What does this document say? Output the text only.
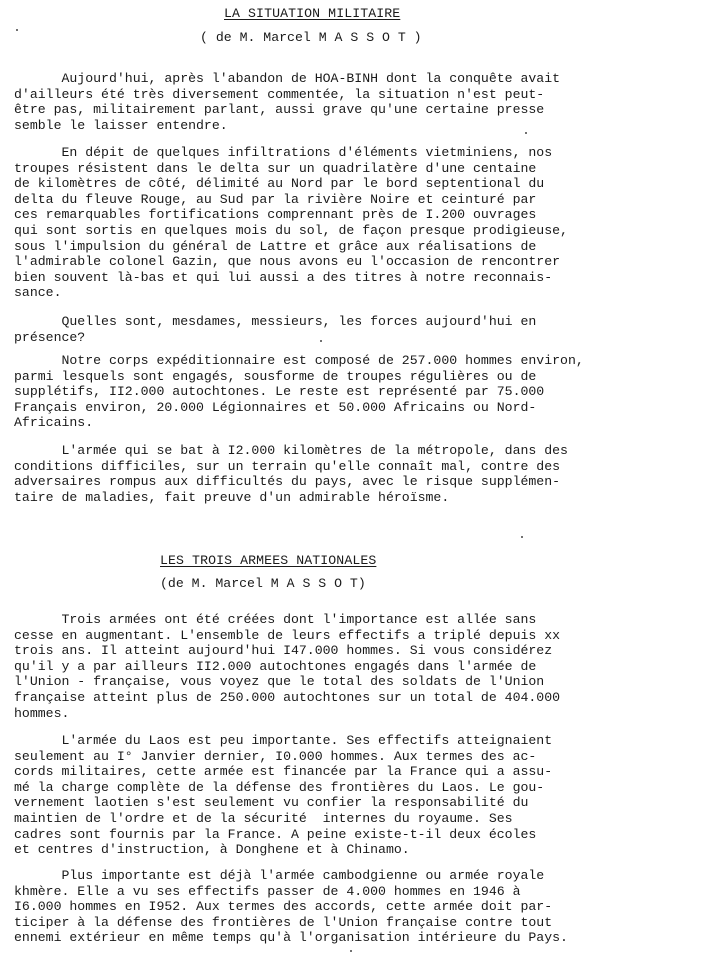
LA SITUATION MILITAIRE
( de M. Marcel M A S S O T )
Aujourd'hui, après l'abandon de HOA-BINH dont la conquête avait
d'ailleurs été très diversement commentée, la situation n'est peut-
être pas, militairement parlant, aussi grave qu'une certaine presse
semble le laisser entendre.
En dépit de quelques infiltrations d'éléments vietminiens, nos
troupes résistent dans le delta sur un quadrilatère d'une centaine
de kilomètres de côté, délimité au Nord par le bord septentional du
delta du fleuve Rouge, au Sud par la rivière Noire et ceinturé par
ces remarquables fortifications comprennant près de I.200 ouvrages
qui sont sortis en quelques mois du sol, de façon presque prodigieuse,
sous l'impulsion du général de Lattre et grâce aux réalisations de
l'admirable colonel Gazin, que nous avons eu l'occasion de rencontrer
bien souvent là-bas et qui lui aussi a des titres à notre reconnais-
sance.
Quelles sont, mesdames, messieurs, les forces aujourd'hui en
présence?
Notre corps expéditionnaire est composé de 257.000 hommes environ,
parmi lesquels sont engagés, sousforme de troupes régulières ou de
supplétifs, II2.000 autochtones. Le reste est représenté par 75.000
Français environ, 20.000 Légionnaires et 50.000 Africains ou Nord-
Africains.
L'armée qui se bat à I2.000 kilomètres de la métropole, dans des
conditions difficiles, sur un terrain qu'elle connaît mal, contre des
adversaires rompus aux difficultés du pays, avec le risque supplémen-
taire de maladies, fait preuve d'un admirable héroïsme.
LES TROIS ARMEES NATIONALES
(de M. Marcel M A S S O T)
Trois armées ont été créées dont l'importance est allée sans
cesse en augmentant. L'ensemble de leurs effectifs a triplé depuis xx
trois ans. Il atteint aujourd'hui I47.000 hommes. Si vous considérez
qu'il y a par ailleurs II2.000 autochtones engagés dans l'armée de
l'Union - française, vous voyez que le total des soldats de l'Union
française atteint plus de 250.000 autochtones sur un total de 404.000
hommes.
L'armée du Laos est peu importante. Ses effectifs atteignaient
seulement au I° Janvier dernier, I0.000 hommes. Aux termes des ac-
cords militaires, cette armée est financée par la France qui a assu-
mé la charge complète de la défense des frontières du Laos. Le gou-
vernement laotien s'est seulement vu confier la responsabilité du
maintien de l'ordre et de la sécurité  internes du royaume. Ses
cadres sont fournis par la France. A peine existe-t-il deux écoles
et centres d'instruction, à Donghene et à Chinamo.
Plus importante est déjà l'armée cambodgienne ou armée royale
khmère. Elle a vu ses effectifs passer de 4.000 hommes en 1946 à
I6.000 hommes en I952. Aux termes des accords, cette armée doit par-
ticiper à la défense des frontières de l'Union française contre tout
ennemi extérieur en même temps qu'à l'organisation intérieure du Pays.
